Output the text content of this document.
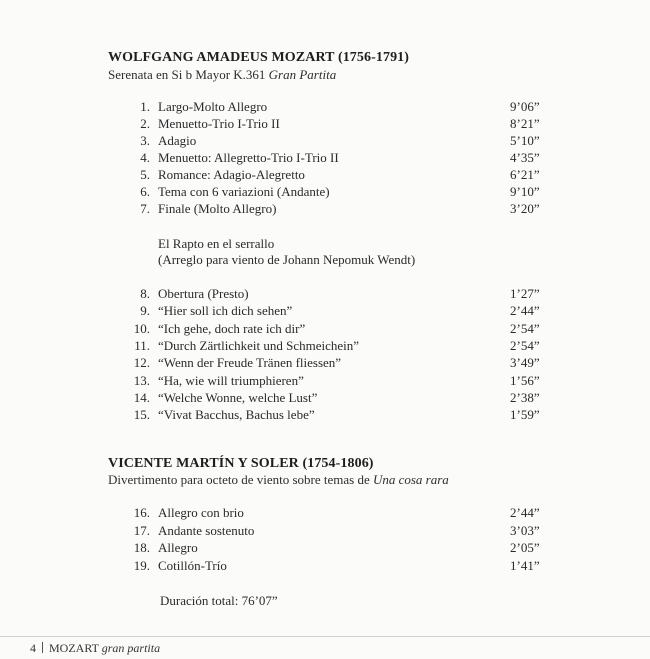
WOLFGANG AMADEUS MOZART (1756-1791)
Serenata en Si b Mayor K.361 Gran Partita
1. Largo-Molto Allegro	9’06”
2. Menuetto-Trio I-Trio II	8’21”
3. Adagio	5’10”
4. Menuetto: Allegretto-Trio I-Trio II	4’35”
5. Romance: Adagio-Alegretto	6’21”
6. Tema con 6 variazioni (Andante)	9’10”
7. Finale (Molto Allegro)	3’20”
El Rapto en el serrallo
(Arreglo para viento de Johann Nepomuk Wendt)
8. Obertura (Presto)	1’27”
9. “Hier soll ich dich sehen”	2’44”
10. “Ich gehe, doch rate ich dir”	2’54”
11. “Durch Zärtlichkeit und Schmeichein”	2’54”
12. “Wenn der Freude Tränen fliessen”	3’49”
13. “Ha, wie will triumphieren”	1’56”
14. “Welche Wonne, welche Lust”	2’38”
15. “Vivat Bacchus, Bachus lebe”	1’59”
VICENTE MARTÍN Y SOLER (1754-1806)
Divertimento para octeto de viento sobre temas de Una cosa rara
16. Allegro con brio	2’44”
17. Andante sostenuto	3’03”
18. Allegro	2’05”
19. Cotillón-Trío	1’41”
Duración total: 76’07”
4 MOZART gran partita
